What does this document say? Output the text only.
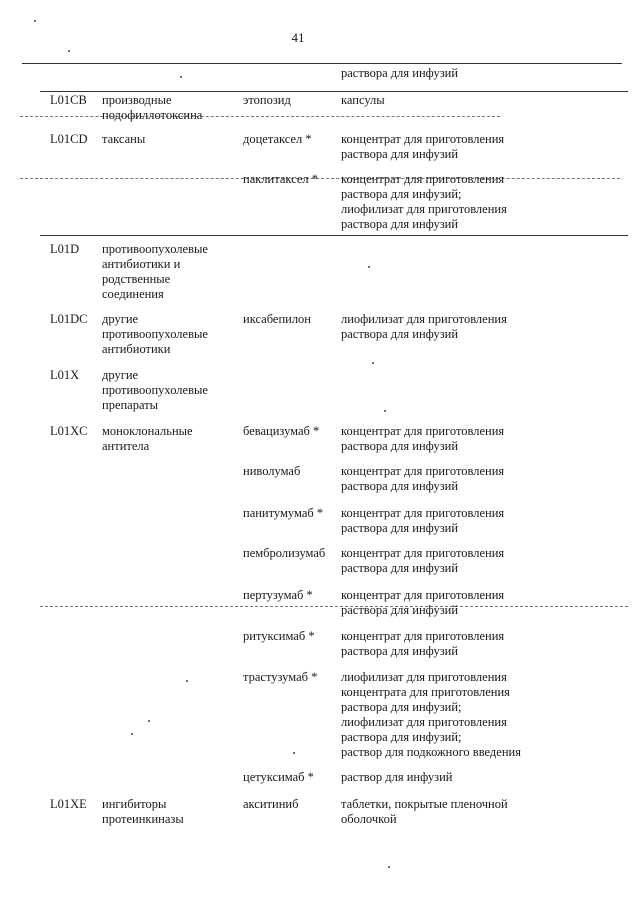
41
раствора для инфузий
L01CB производные
подофиллотоксина
этопозид	капсулы
L01CD таксаны	доцетаксел *	концентрат для приготовления
раствора для инфузий
паклитаксел *	концентрат для приготовления
раствора для инфузий;
лиофилизат для приготовления
раствора для инфузий
L01D противоопухолевые
антибиотики и
родственные
соединения
L01DC другие
противоопухолевые
антибиотики
иксабепилон	лиофилизат для приготовления
раствора для инфузий
L01X другие
противоопухолевые
препараты
L01XC моноклональные
антитела
бевацизумаб *	концентрат для приготовления
раствора для инфузий
ниволумаб	концентрат для приготовления
раствора для инфузий
панитумумаб *	концентрат для приготовления
раствора для инфузий
пембролизумаб	концентрат для приготовления
раствора для инфузий
пертузумаб *	концентрат для приготовления
раствора для инфузий
ритуксимаб *	концентрат для приготовления
раствора для инфузий
трастузумаб *	лиофилизат для приготовления
концентрата для приготовления
раствора для инфузий;
лиофилизат для приготовления
раствора для инфузий;
раствор для подкожного введения
цетуксимаб *	раствор для инфузий
L01XE ингибиторы
протеинкиназы
акситиниб	таблетки, покрытые пленочной
оболочкой
